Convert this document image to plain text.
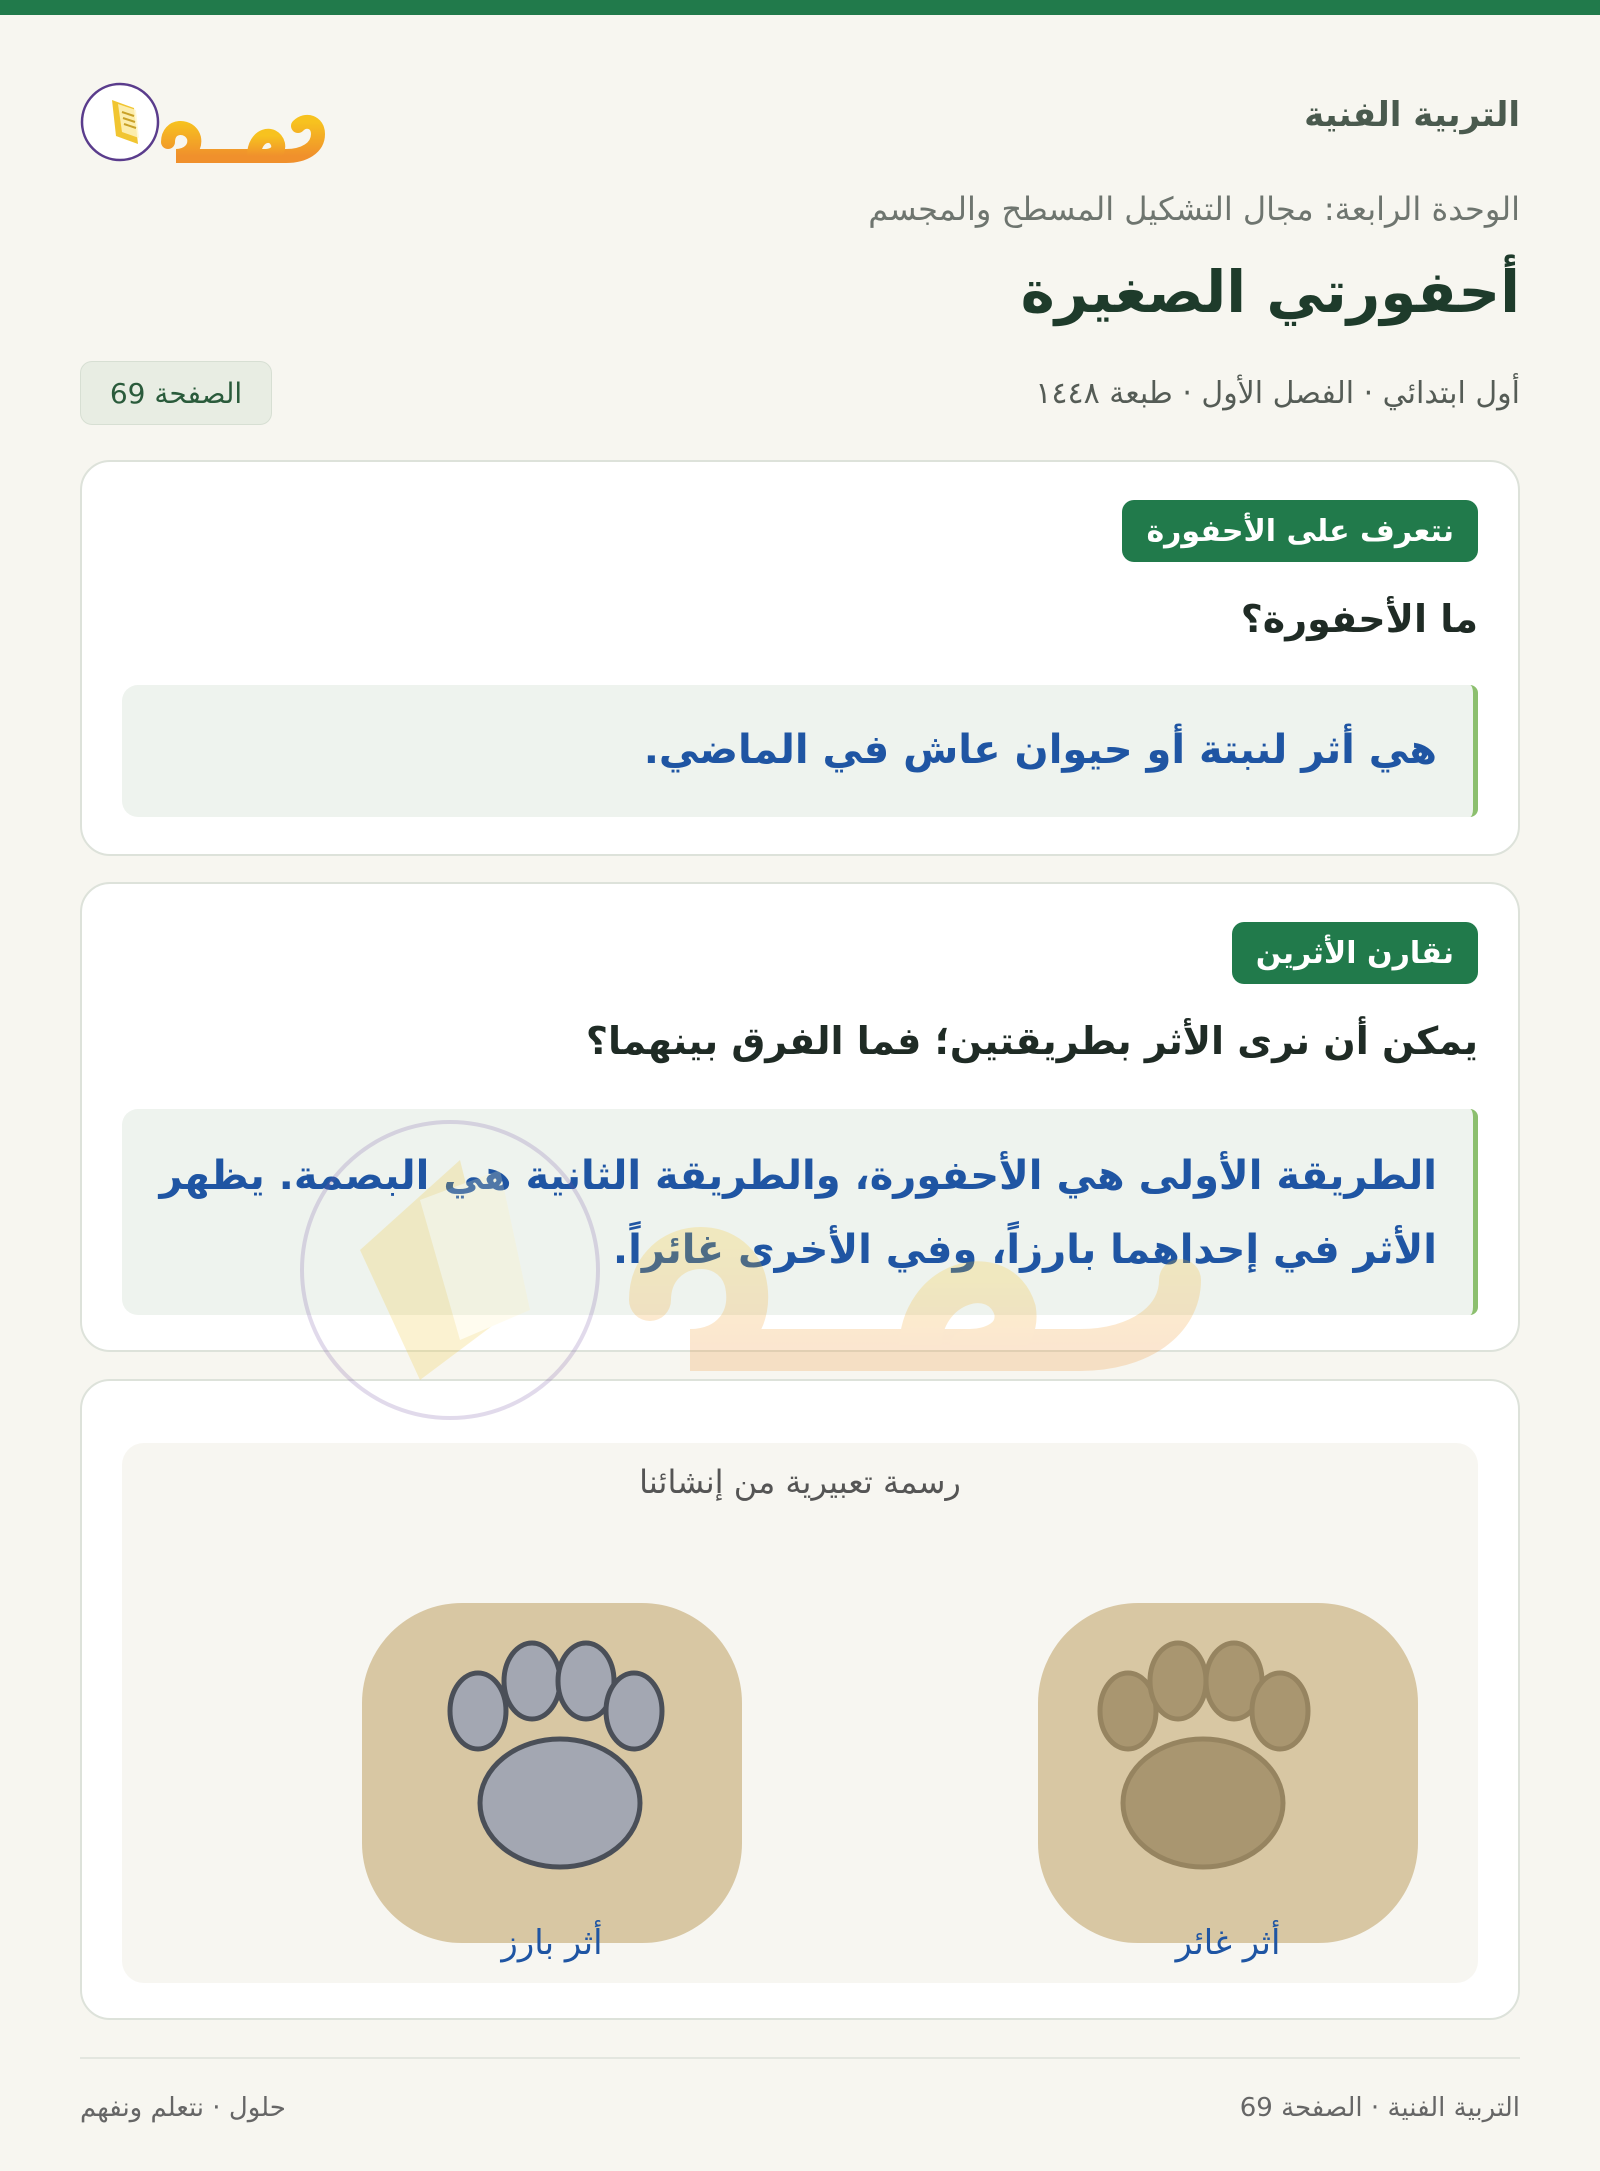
التربية الفنية
الوحدة الرابعة: مجال التشكيل المسطح والمجسم
أحفورتي الصغيرة
أول ابتدائي · الفصل الأول · طبعة ١٤٤٨
الصفحة 69
نتعرف على الأحفورة
ما الأحفورة؟
هي أثر لنبتة أو حيوان عاش في الماضي.
نقارن الأثرين
يمكن أن نرى الأثر بطريقتين؛ فما الفرق بينهما؟
الطريقة الأولى هي الأحفورة، والطريقة الثانية هي البصمة. يظهر الأثر في إحداهما بارزاً، وفي الأخرى غائراً.
رسمة تعبيرية من إنشائنا
أثر غائر
أثر بارز
التربية الفنية · الصفحة 69
حلول · نتعلم ونفهم
